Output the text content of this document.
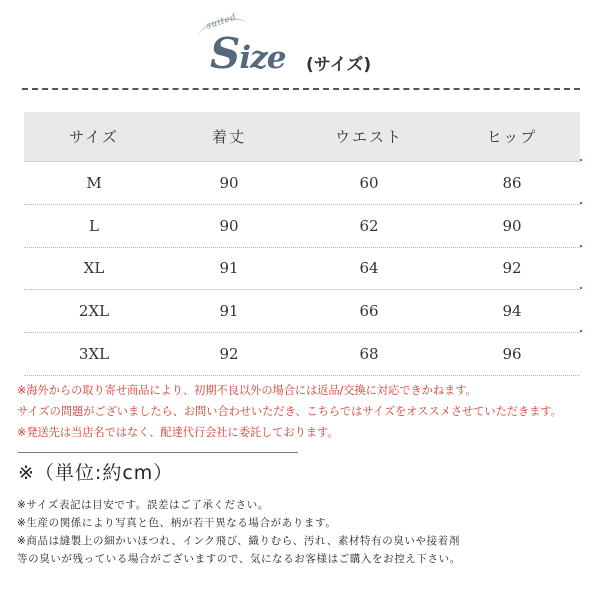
suited
Size (サイズ)
サイズ	着丈	ウエスト	ヒップ
M	90	60	86
L	90	62	90
XL	91	64	92
2XL	91	66	94
3XL	92	68	96
※海外からの取り寄せ商品により、初期不良以外の場合には返品/交換に対応できかねます。
サイズの問題がございましたら、お問い合わせいただき、こちらではサイズをオススメさせていただきます。
※発送先は当店名ではなく、配達代行会社に委託しております。
※（単位:約cm）
※サイズ表記は目安です。誤差はご了承ください。
※生産の関係により写真と色、柄が若干異なる場合があります。
※商品は縫製上の細かいほつれ、インク飛び、織りむら、汚れ、素材特有の臭いや接着剤
等の臭いが残っている場合がございますので、気になるお客様はご購入をお控え下さい。
